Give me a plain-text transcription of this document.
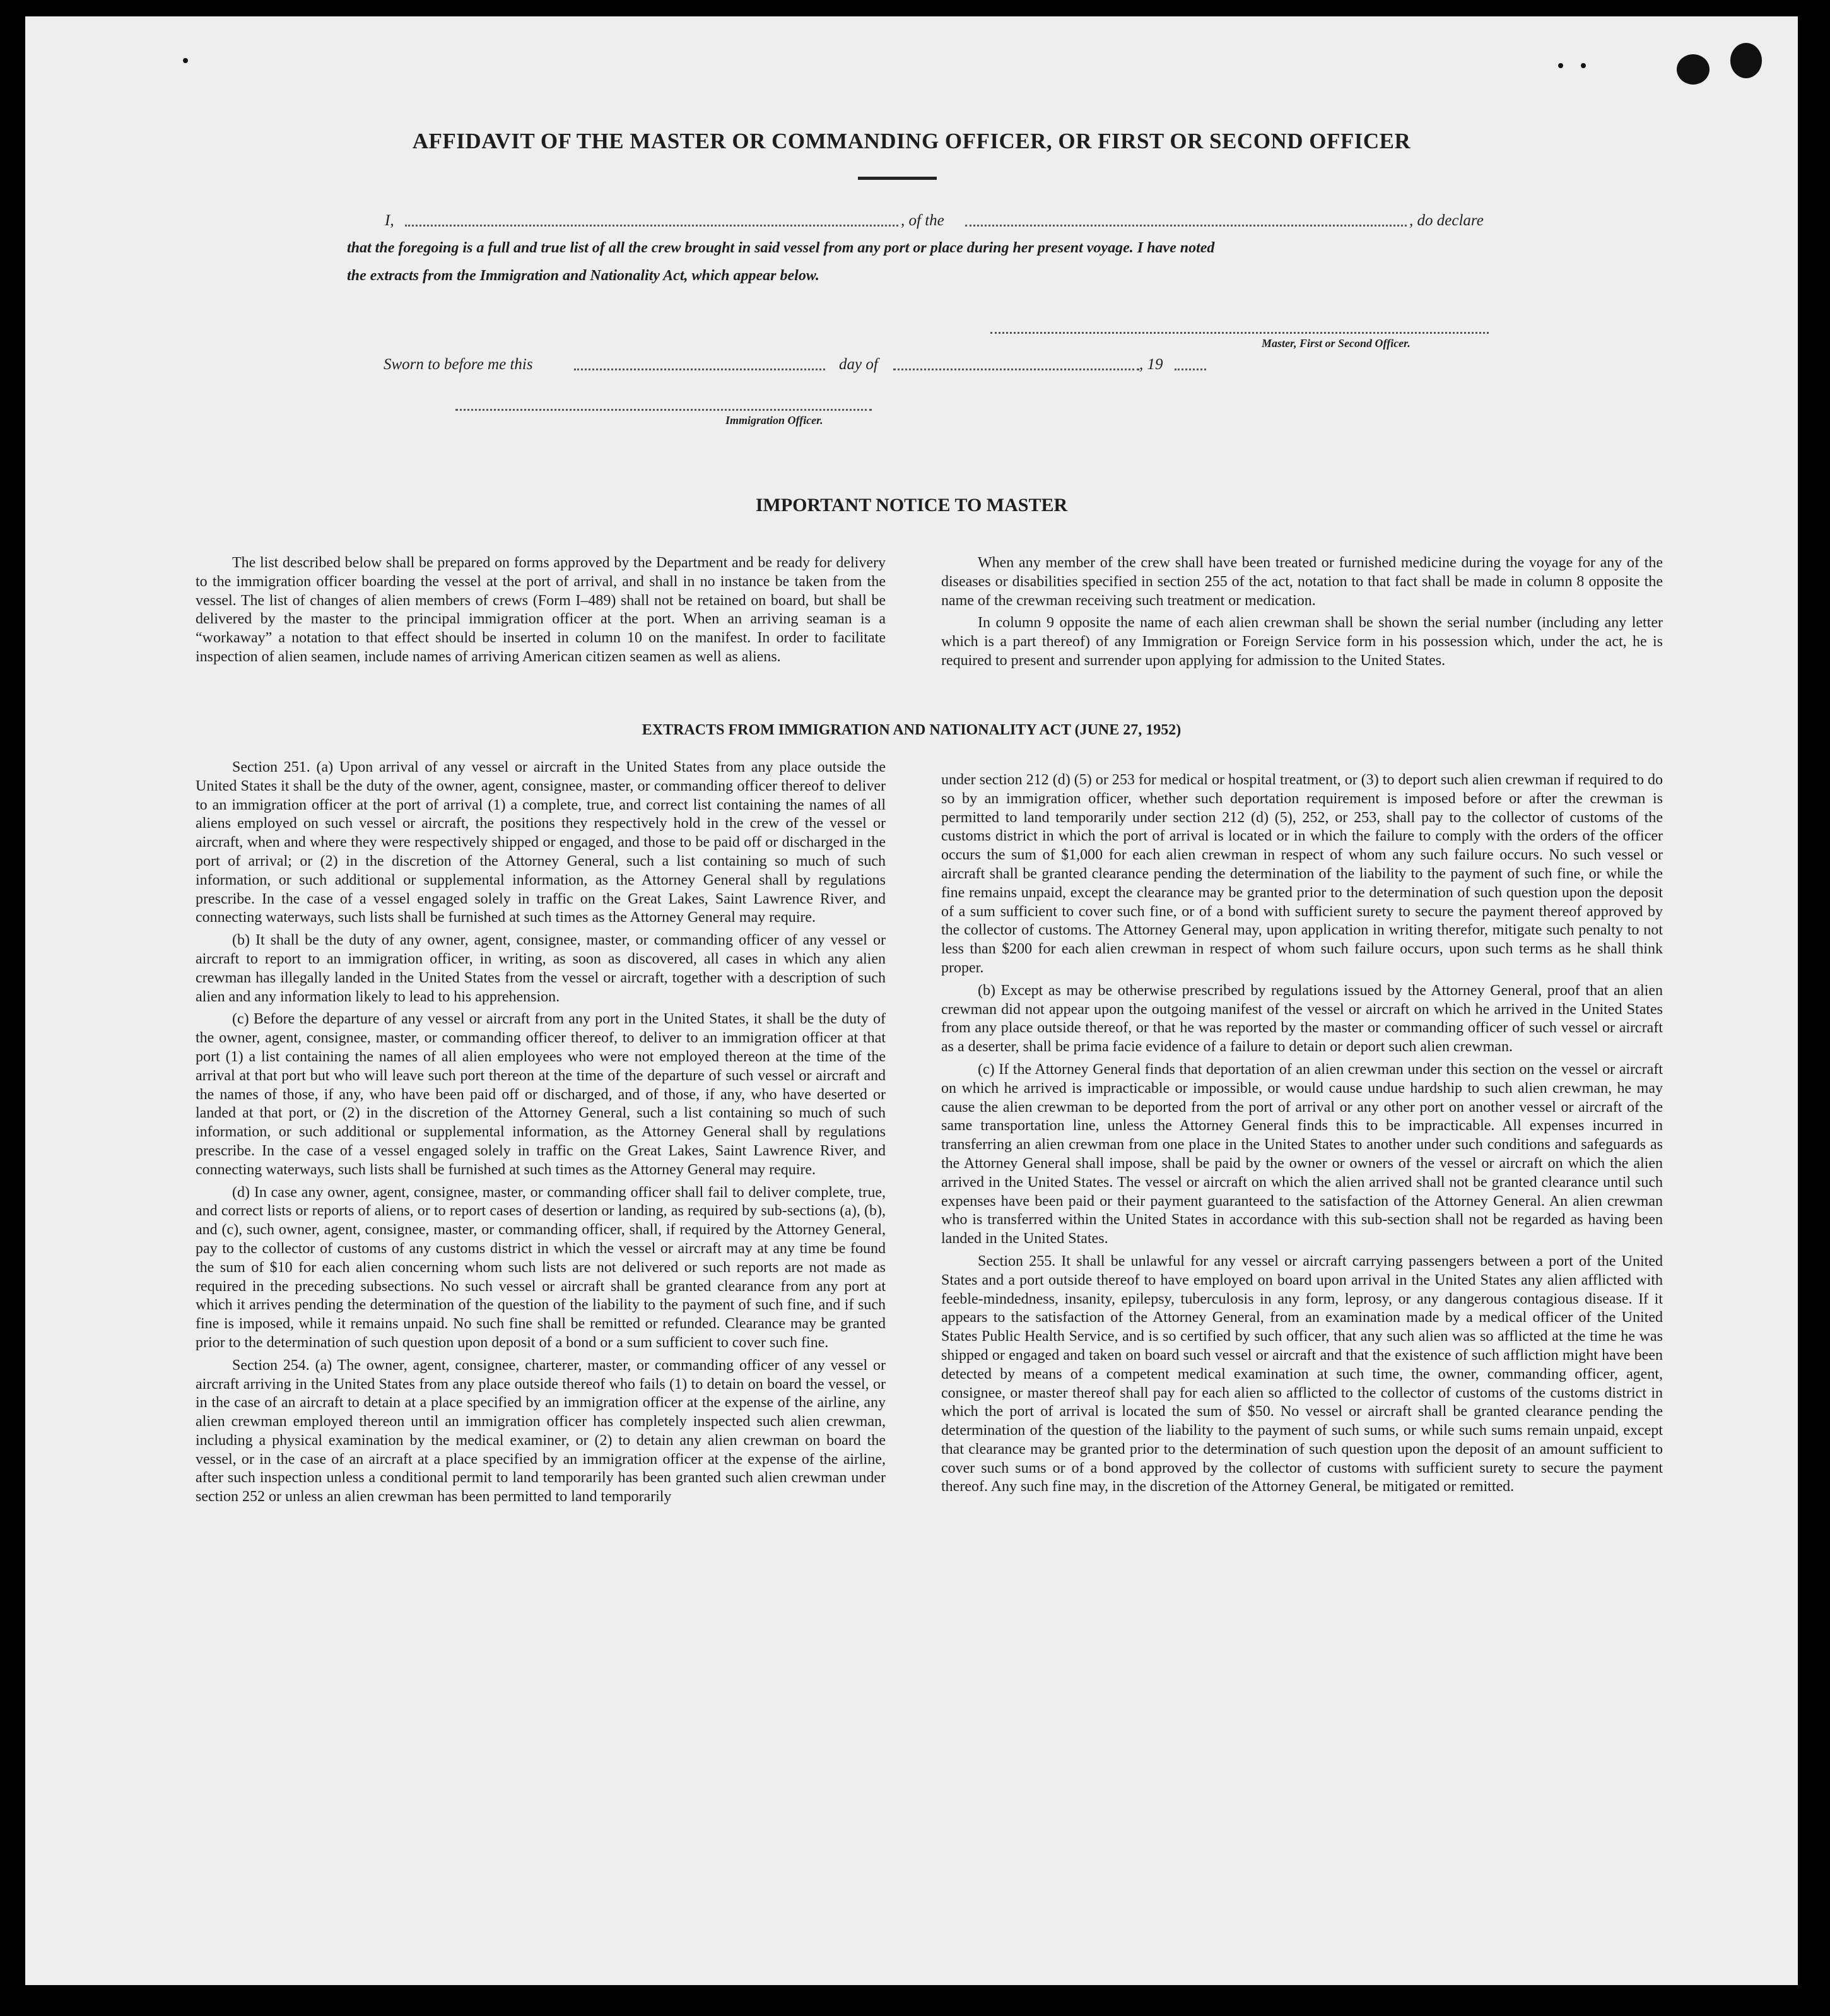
AFFIDAVIT OF THE MASTER OR COMMANDING OFFICER, OR FIRST OR SECOND OFFICER
I,	, of the	, do declare
that the foregoing is a full and true list of all the crew brought in said vessel from any port or place during her present voyage. I have noted
the extracts from the Immigration and Nationality Act, which appear below.
Master, First or Second Officer.
Sworn to before me this	day of	, 19
Immigration Officer.
IMPORTANT NOTICE TO MASTER

The list described below shall be prepared on forms approved by the Department and be ready for delivery to the immigration officer boarding the vessel at the port of arrival, and shall in no instance be taken from the vessel. The list of changes of alien members of crews (Form I–489) shall not be retained on board, but shall be delivered by the master to the principal immigration officer at the port. When an arriving seaman is a “workaway” a notation to that effect should be inserted in column 10 on the manifest. In order to facilitate inspection of alien seamen, include names of arriving American citizen seamen as well as aliens.

When any member of the crew shall have been treated or furnished medicine during the voyage for any of the diseases or disabilities specified in section 255 of the act, notation to that fact shall be made in column 8 opposite the name of the crewman receiving such treatment or medication.

In column 9 opposite the name of each alien crewman shall be shown the serial number (including any letter which is a part thereof) of any Immigration or Foreign Service form in his possession which, under the act, he is required to present and surrender upon applying for admission to the United States.

EXTRACTS FROM IMMIGRATION AND NATIONALITY ACT (JUNE 27, 1952)

Section 251. (a) Upon arrival of any vessel or aircraft in the United States from any place outside the United States it shall be the duty of the owner, agent, consignee, master, or commanding officer thereof to deliver to an immigration officer at the port of arrival (1) a complete, true, and correct list containing the names of all aliens employed on such vessel or aircraft, the positions they respectively hold in the crew of the vessel or aircraft, when and where they were respectively shipped or engaged, and those to be paid off or discharged in the port of arrival; or (2) in the discretion of the Attorney General, such a list containing so much of such information, or such additional or supplemental information, as the Attorney General shall by regulations prescribe. In the case of a vessel engaged solely in traffic on the Great Lakes, Saint Lawrence River, and connecting waterways, such lists shall be furnished at such times as the Attorney General may require.

(b) It shall be the duty of any owner, agent, consignee, master, or commanding officer of any vessel or aircraft to report to an immigration officer, in writing, as soon as discovered, all cases in which any alien crewman has illegally landed in the United States from the vessel or aircraft, together with a description of such alien and any information likely to lead to his apprehension.

(c) Before the departure of any vessel or aircraft from any port in the United States, it shall be the duty of the owner, agent, consignee, master, or commanding officer thereof, to deliver to an immigration officer at that port (1) a list containing the names of all alien employees who were not employed thereon at the time of the arrival at that port but who will leave such port thereon at the time of the departure of such vessel or aircraft and the names of those, if any, who have been paid off or discharged, and of those, if any, who have deserted or landed at that port, or (2) in the discretion of the Attorney General, such a list containing so much of such information, or such additional or supplemental information, as the Attorney General shall by regulations prescribe. In the case of a vessel engaged solely in traffic on the Great Lakes, Saint Lawrence River, and connecting waterways, such lists shall be furnished at such times as the Attorney General may require.

(d) In case any owner, agent, consignee, master, or commanding officer shall fail to deliver complete, true, and correct lists or reports of aliens, or to report cases of desertion or landing, as required by sub-sections (a), (b), and (c), such owner, agent, consignee, master, or commanding officer, shall, if required by the Attorney General, pay to the collector of customs of any customs district in which the vessel or aircraft may at any time be found the sum of $10 for each alien concerning whom such lists are not delivered or such reports are not made as required in the preceding subsections. No such vessel or aircraft shall be granted clearance from any port at which it arrives pending the determination of the question of the liability to the payment of such fine, and if such fine is imposed, while it remains unpaid. No such fine shall be remitted or refunded. Clearance may be granted prior to the determination of such question upon deposit of a bond or a sum sufficient to cover such fine.

Section 254. (a) The owner, agent, consignee, charterer, master, or commanding officer of any vessel or aircraft arriving in the United States from any place outside thereof who fails (1) to detain on board the vessel, or in the case of an aircraft to detain at a place specified by an immigration officer at the expense of the airline, any alien crewman employed thereon until an immigration officer has completely inspected such alien crewman, including a physical examination by the medical examiner, or (2) to detain any alien crewman on board the vessel, or in the case of an aircraft at a place specified by an immigration officer at the expense of the airline, after such inspection unless a conditional permit to land temporarily has been granted such alien crewman under section 252 or unless an alien crewman has been permitted to land temporarily

under section 212 (d) (5) or 253 for medical or hospital treatment, or (3) to deport such alien crewman if required to do so by an immigration officer, whether such deportation requirement is imposed before or after the crewman is permitted to land temporarily under section 212 (d) (5), 252, or 253, shall pay to the collector of customs of the customs district in which the port of arrival is located or in which the failure to comply with the orders of the officer occurs the sum of $1,000 for each alien crewman in respect of whom any such failure occurs. No such vessel or aircraft shall be granted clearance pending the determination of the liability to the payment of such fine, or while the fine remains unpaid, except the clearance may be granted prior to the determination of such question upon the deposit of a sum sufficient to cover such fine, or of a bond with sufficient surety to secure the payment thereof approved by the collector of customs. The Attorney General may, upon application in writing therefor, mitigate such penalty to not less than $200 for each alien crewman in respect of whom such failure occurs, upon such terms as he shall think proper.

(b) Except as may be otherwise prescribed by regulations issued by the Attorney General, proof that an alien crewman did not appear upon the outgoing manifest of the vessel or aircraft on which he arrived in the United States from any place outside thereof, or that he was reported by the master or commanding officer of such vessel or aircraft as a deserter, shall be prima facie evidence of a failure to detain or deport such alien crewman.

(c) If the Attorney General finds that deportation of an alien crewman under this section on the vessel or aircraft on which he arrived is impracticable or impossible, or would cause undue hardship to such alien crewman, he may cause the alien crewman to be deported from the port of arrival or any other port on another vessel or aircraft of the same transportation line, unless the Attorney General finds this to be impracticable. All expenses incurred in transferring an alien crewman from one place in the United States to another under such conditions and safeguards as the Attorney General shall impose, shall be paid by the owner or owners of the vessel or aircraft on which the alien arrived in the United States. The vessel or aircraft on which the alien arrived shall not be granted clearance until such expenses have been paid or their payment guaranteed to the satisfaction of the Attorney General. An alien crewman who is transferred within the United States in accordance with this sub-section shall not be regarded as having been landed in the United States.

Section 255. It shall be unlawful for any vessel or aircraft carrying passengers between a port of the United States and a port outside thereof to have employed on board upon arrival in the United States any alien afflicted with feeble-mindedness, insanity, epilepsy, tuberculosis in any form, leprosy, or any dangerous contagious disease. If it appears to the satisfaction of the Attorney General, from an examination made by a medical officer of the United States Public Health Service, and is so certified by such officer, that any such alien was so afflicted at the time he was shipped or engaged and taken on board such vessel or aircraft and that the existence of such affliction might have been detected by means of a competent medical examination at such time, the owner, commanding officer, agent, consignee, or master thereof shall pay for each alien so afflicted to the collector of customs of the customs district in which the port of arrival is located the sum of $50. No vessel or aircraft shall be granted clearance pending the determination of the question of the liability to the payment of such sums, or while such sums remain unpaid, except that clearance may be granted prior to the determination of such question upon the deposit of an amount sufficient to cover such sums or of a bond approved by the collector of customs with sufficient surety to secure the payment thereof. Any such fine may, in the discretion of the Attorney General, be mitigated or remitted.
